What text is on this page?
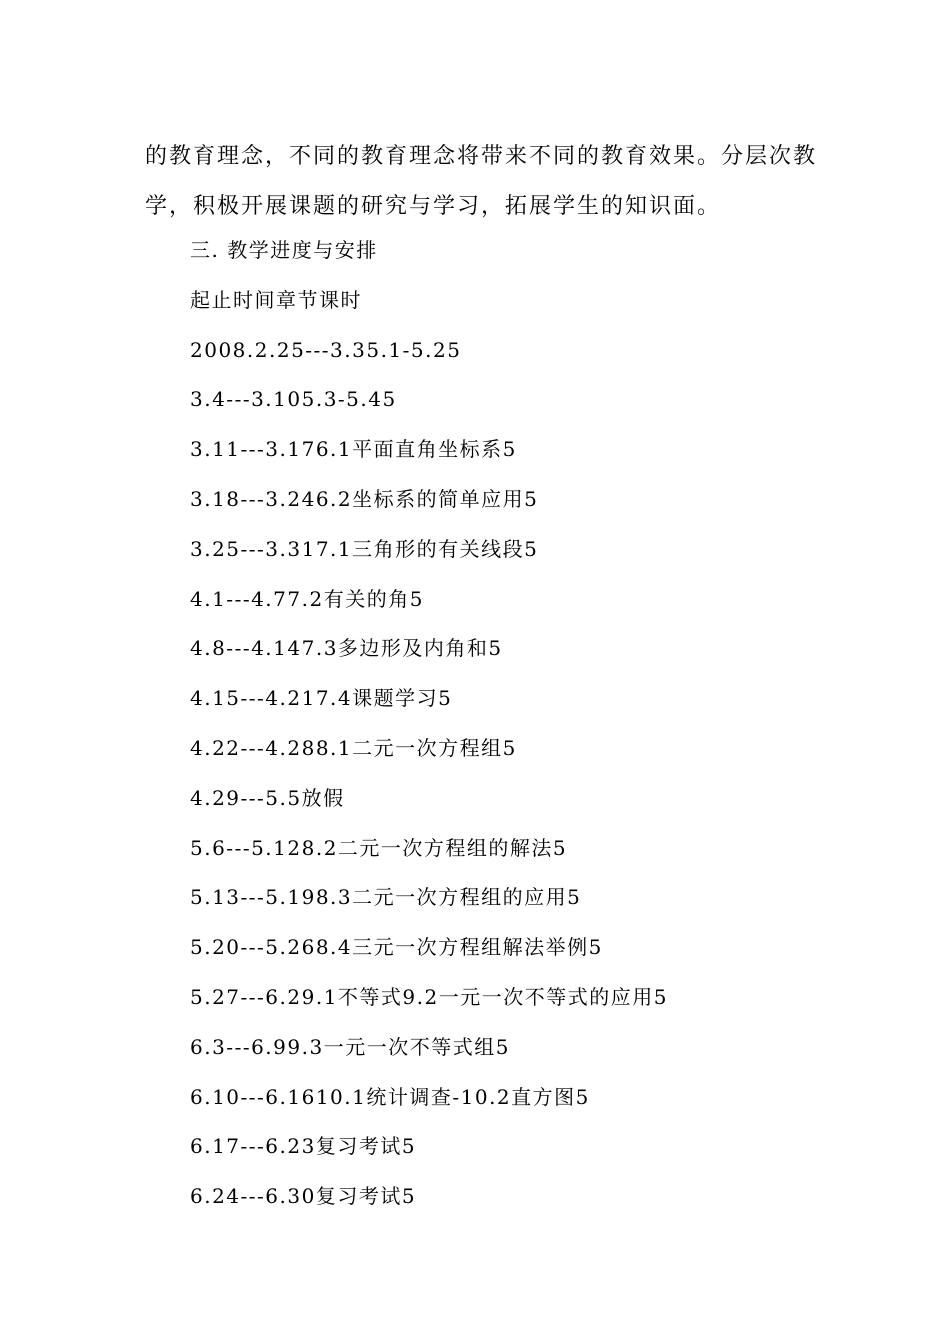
的教育理念，不同的教育理念将带来不同的教育效果。分层次教

学，积极开展课题的研究与学习，拓展学生的知识面。

三. 教学进度与安排

起止时间章节课时

2008.2.25---3.35.1-5.25

3.4---3.105.3-5.45

3.11---3.176.1平面直角坐标系5

3.18---3.246.2坐标系的简单应用5

3.25---3.317.1三角形的有关线段5

4.1---4.77.2有关的角5

4.8---4.147.3多边形及内角和5

4.15---4.217.4课题学习5

4.22---4.288.1二元一次方程组5

4.29---5.5放假

5.6---5.128.2二元一次方程组的解法5

5.13---5.198.3二元一次方程组的应用5

5.20---5.268.4三元一次方程组解法举例5

5.27---6.29.1不等式9.2一元一次不等式的应用5

6.3---6.99.3一元一次不等式组5

6.10---6.1610.1统计调查-10.2直方图5

6.17---6.23复习考试5

6.24---6.30复习考试5
